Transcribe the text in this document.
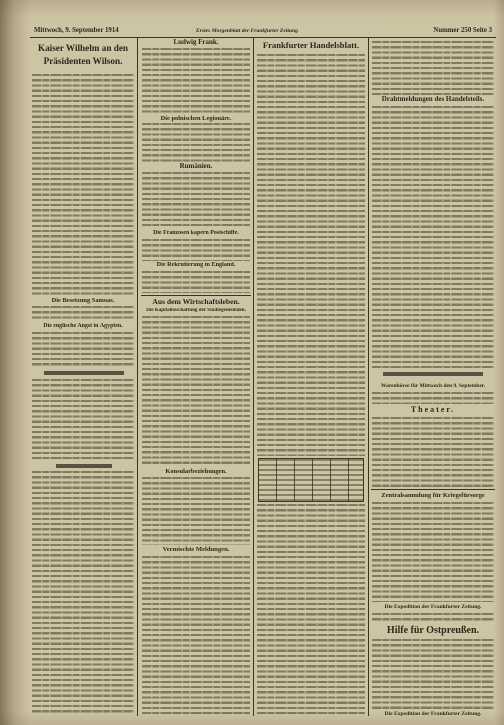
Mittwoch, 9. September 1914	Erstes Morgenblatt der Frankfurter Zeitung	Nummer 250 Seite 3
Kaiser Wilhelm an den
Präsidenten Wilson.
Die Besetzung Samoas.
Die englische Angst in Ägypten.
Ludwig Frank.
Die polnischen Legionäre.
Rumänien.
Die Franzosen kapern Postschiffe.
Die Rekrutierung in England.
Aus dem Wirtschaftsleben.
Die Kapitalbeschaffung der Städtegemeinden.
Konsularbeziehungen.
Vermischte Meldungen.
Frankfurter Handelsblatt.
Drahtmeldungen des Handelsteils.
Warenbörse für Mittwoch den 9. September.
Theater.
Zentralsammlung für Kriegsfürsorge
Die Expedition der Frankfurter Zeitung.
Hilfe für Ostpreußen.
Die Expedition der Frankfurter Zeitung.
